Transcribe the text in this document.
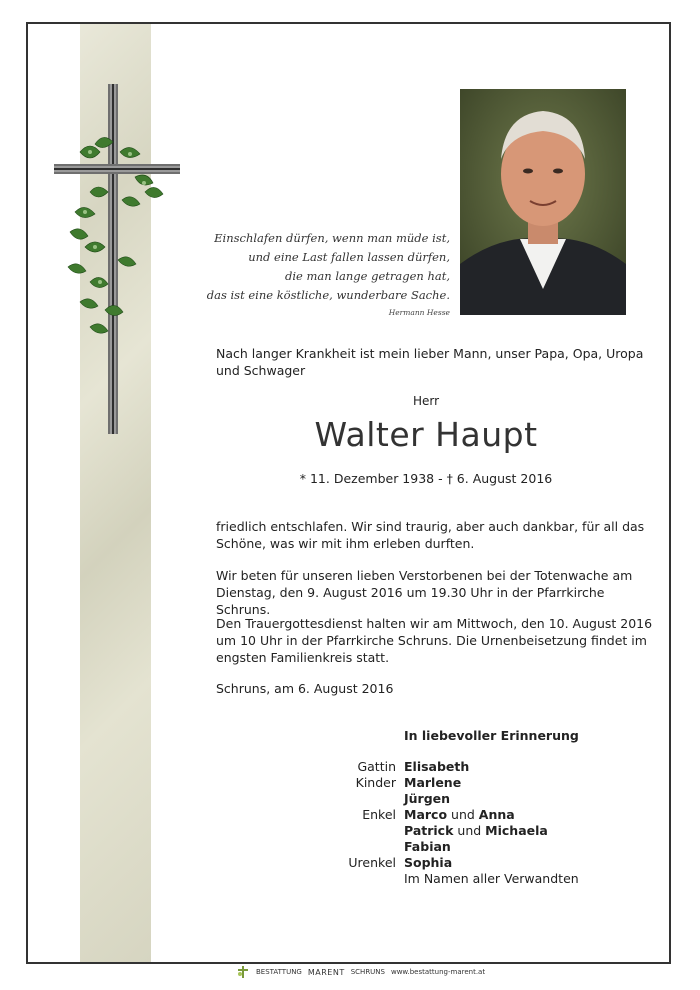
Einschlafen dürfen, wenn man müde ist,
und eine Last fallen lassen dürfen,
die man lange getragen hat,
das ist eine köstliche, wunderbare Sache.
Hermann Hesse
Nach langer Krankheit ist mein lieber Mann, unser Papa, Opa, Uropa und Schwager
Herr
Walter Haupt
* 11. Dezember 1938 - † 6. August 2016

friedlich entschlafen. Wir sind traurig, aber auch dankbar, für all das Schöne, was wir mit ihm erleben durften.

Wir beten für unseren lieben Verstorbenen bei der Totenwache am Dienstag, den 9. August 2016 um 19.30 Uhr in der Pfarrkirche Schruns.

Den Trauergottesdienst halten wir am Mittwoch, den 10. August 2016 um 10 Uhr in der Pfarrkirche Schruns. Die Urnenbeisetzung findet im engsten Familienkreis statt.

Schruns, am 6. August 2016

In liebevoller Erinnerung
Gattin Elisabeth
Kinder Marlene
Jürgen
Enkel Marco und Anna
Patrick und Michaela
Fabian
Urenkel Sophia
Im Namen aller Verwandten
BESTATTUNG MARENT SCHRUNS www.bestattung-marent.at
